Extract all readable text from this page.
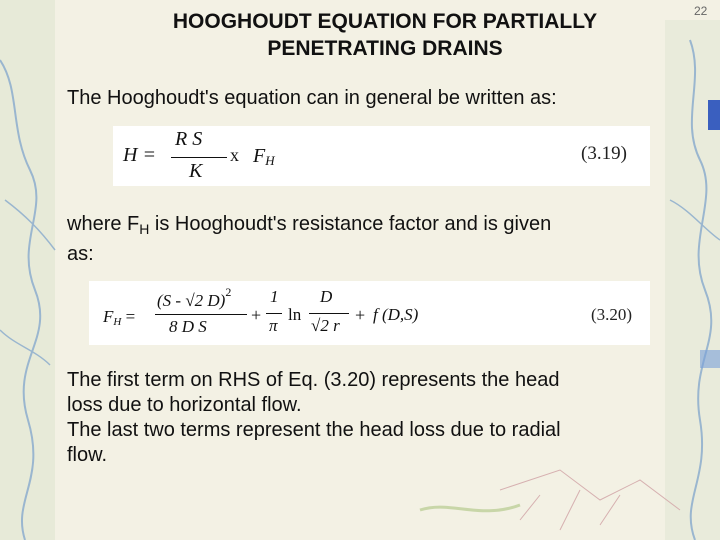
HOOGHOUDT EQUATION FOR PARTIALLY
PENETRATING DRAINS
22
The Hooghoudt's equation can in general be written as:
H =
R S
K
x $F_H$	(3.19)
where $F_H$ is Hooghoudt's resistance factor and is given
as:
$F_H$ =
(S - √2 D)$^2$
8 D S
+
1
π
ln
D
√2 r
+ f (D,S)	(3.20)
The first term on RHS of Eq. (3.20) represents the head
loss due to horizontal flow.
The last two terms represent the head loss due to radial
flow.
